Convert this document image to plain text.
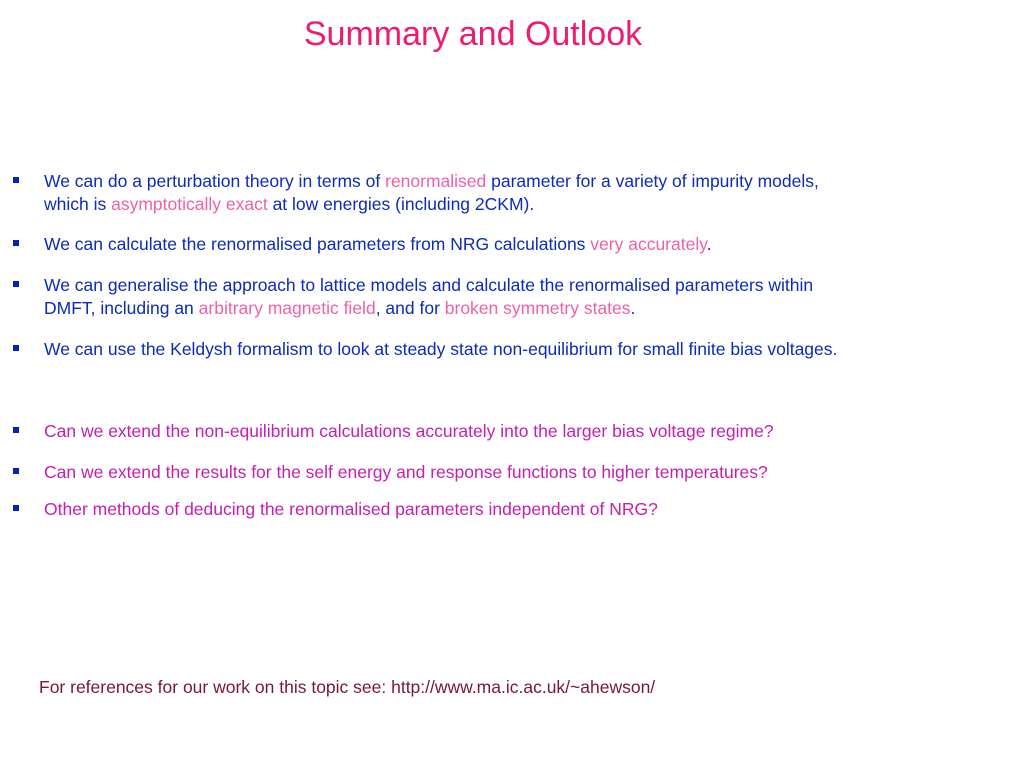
Summary and Outlook
We can do a perturbation theory in terms of renormalised parameter for a variety of impurity models,
which is asymptotically exact at low energies (including 2CKM).
We can calculate the renormalised parameters from NRG calculations very accurately.
We can generalise the approach to lattice models and calculate the renormalised parameters within
DMFT, including an arbitrary magnetic field, and for broken symmetry states.
We can use the Keldysh formalism to look at steady state non-equilibrium for small finite bias voltages.
Can we extend the non-equilibrium calculations accurately into the larger bias voltage regime?
Can we extend the results for the self energy and response functions to higher temperatures?
Other methods of deducing the renormalised parameters independent of NRG?
For references for our work on this topic see: http://www.ma.ic.ac.uk/~ahewson/
